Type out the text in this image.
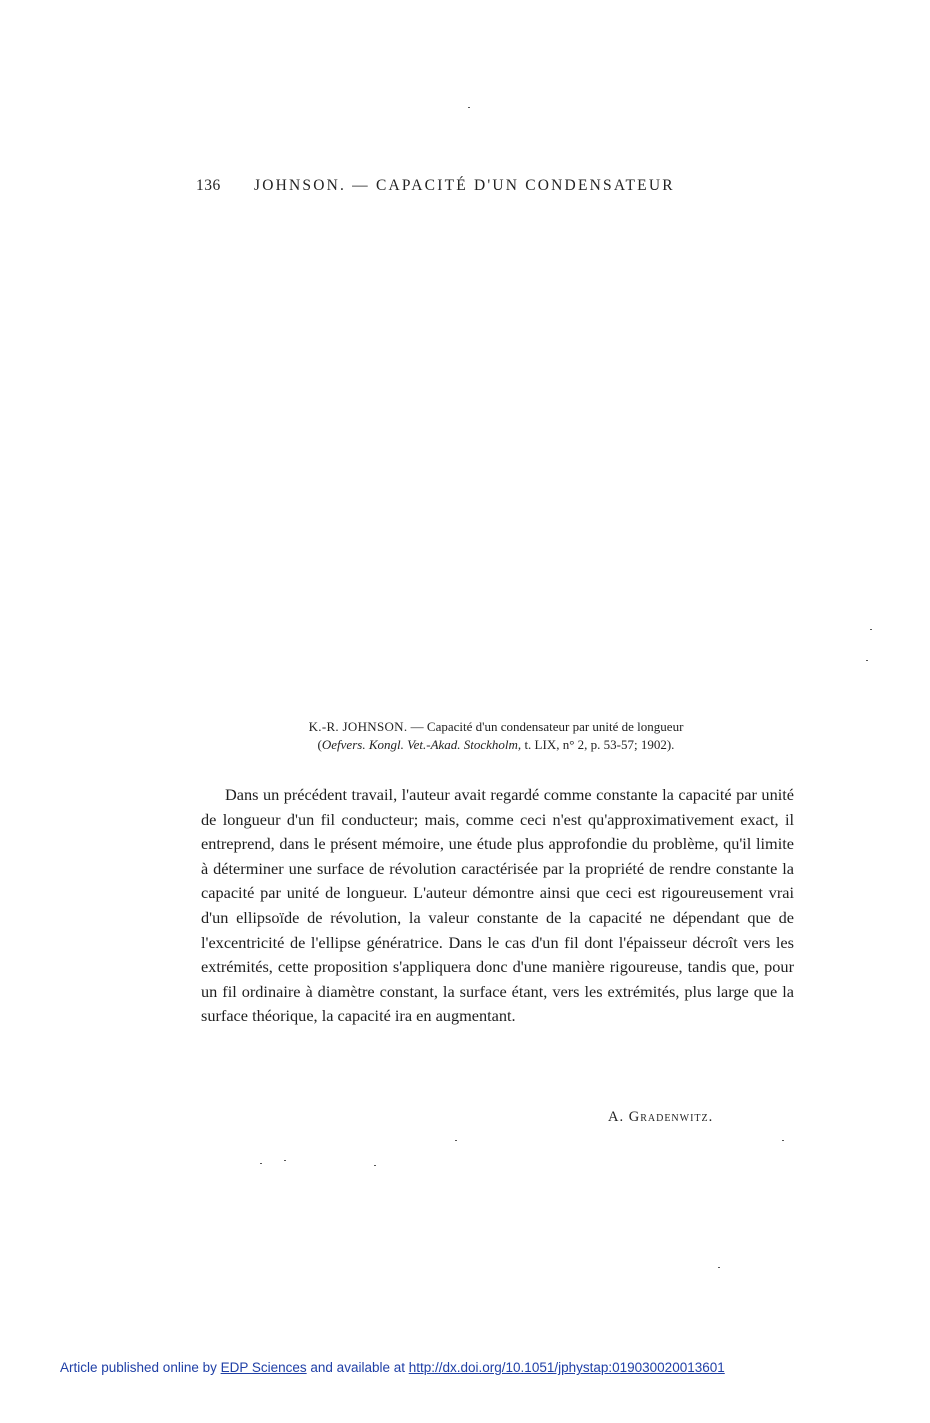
136 JOHNSON. — CAPACITÉ D'UN CONDENSATEUR
K.-R. JOHNSON. — Capacité d'un condensateur par unité de longueur
(Oefvers. Kongl. Vet.-Akad. Stockholm, t. LIX, n° 2, p. 53-57; 1902).

Dans un précédent travail, l'auteur avait regardé comme constante la capacité par unité de longueur d'un fil conducteur; mais, comme ceci n'est qu'approximativement exact, il entreprend, dans le présent mémoire, une étude plus approfondie du problème, qu'il limite à déterminer une surface de révolution caractérisée par la propriété de rendre constante la capacité par unité de longueur. L'auteur démontre ainsi que ceci est rigoureusement vrai d'un ellipsoïde de révolution, la valeur constante de la capacité ne dépendant que de l'excentricité de l'ellipse génératrice. Dans le cas d'un fil dont l'épaisseur décroît vers les extrémités, cette proposition s'appliquera donc d'une manière rigoureuse, tandis que, pour un fil ordinaire à diamètre constant, la surface étant, vers les extrémités, plus large que la surface théorique, la capacité ira en augmentant.

A. Gradenwitz.
Article published online by EDP Sciences and available at http://dx.doi.org/10.1051/jphystap:019030020013601
